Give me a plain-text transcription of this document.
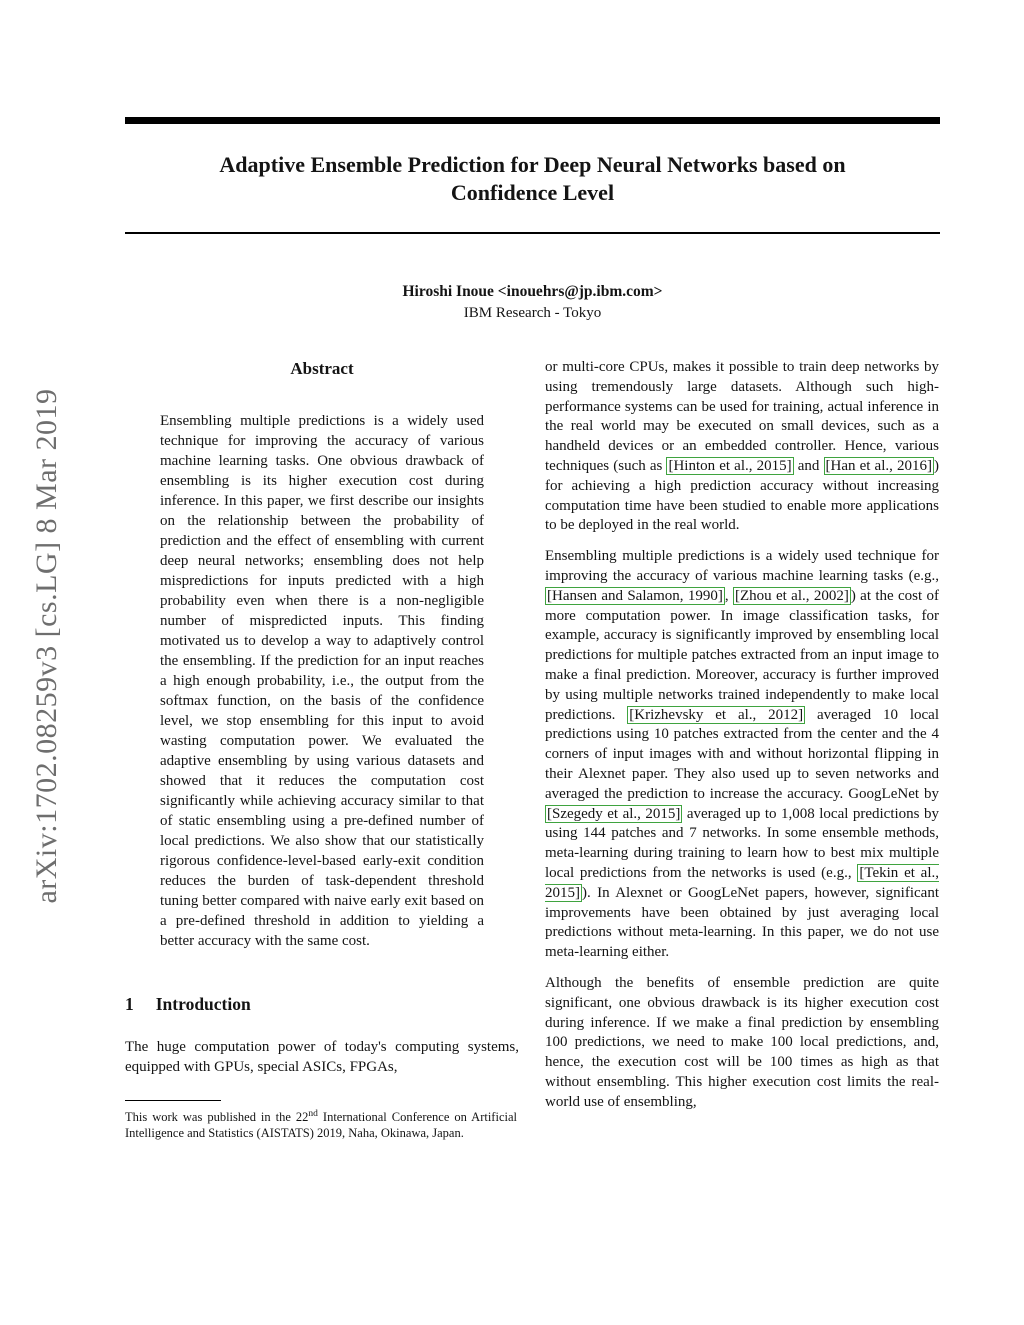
arXiv:1702.08259v3 [cs.LG] 8 Mar 2019
Adaptive Ensemble Prediction for Deep Neural Networks based on Confidence Level
Hiroshi Inoue <inouehrs@jp.ibm.com>
IBM Research - Tokyo
Abstract
Ensembling multiple predictions is a widely used technique for improving the accuracy of various machine learning tasks. One obvious drawback of ensembling is its higher execution cost during inference. In this paper, we first describe our insights on the relationship between the probability of prediction and the effect of ensembling with current deep neural networks; ensembling does not help mispredictions for inputs predicted with a high probability even when there is a non-negligible number of mispredicted inputs. This finding motivated us to develop a way to adaptively control the ensembling. If the prediction for an input reaches a high enough probability, i.e., the output from the softmax function, on the basis of the confidence level, we stop ensembling for this input to avoid wasting computation power. We evaluated the adaptive ensembling by using various datasets and showed that it reduces the computation cost significantly while achieving accuracy similar to that of static ensembling using a pre-defined number of local predictions. We also show that our statistically rigorous confidence-level-based early-exit condition reduces the burden of task-dependent threshold tuning better compared with naive early exit based on a pre-defined threshold in addition to yielding a better accuracy with the same cost.
1 Introduction
The huge computation power of today's computing systems, equipped with GPUs, special ASICs, FPGAs,
This work was published in the 22nd International Conference on Artificial Intelligence and Statistics (AISTATS) 2019, Naha, Okinawa, Japan.
or multi-core CPUs, makes it possible to train deep networks by using tremendously large datasets. Although such high-performance systems can be used for training, actual inference in the real world may be executed on small devices, such as a handheld devices or an embedded controller. Hence, various techniques (such as [Hinton et al., 2015] and [Han et al., 2016] ) for achieving a high prediction accuracy without increasing computation time have been studied to enable more applications to be deployed in the real world.
Ensembling multiple predictions is a widely used technique for improving the accuracy of various machine learning tasks (e.g., [Hansen and Salamon, 1990] , [Zhou et al., 2002] ) at the cost of more computation power. In image classification tasks, for example, accuracy is significantly improved by ensembling local predictions for multiple patches extracted from an input image to make a final prediction. Moreover, accuracy is further improved by using multiple networks trained independently to make local predictions. [Krizhevsky et al., 2012] averaged 10 local predictions using 10 patches extracted from the center and the 4 corners of input images with and without horizontal flipping in their Alexnet paper. They also used up to seven networks and averaged the prediction to increase the accuracy. GoogLeNet by [Szegedy et al., 2015] averaged up to 1,008 local predictions by using 144 patches and 7 networks. In some ensemble methods, meta-learning during training to learn how to best mix multiple local predictions from the networks is used (e.g., [Tekin et al., 2015] ). In Alexnet or GoogLeNet papers, however, significant improvements have been obtained by just averaging local predictions without meta-learning. In this paper, we do not use meta-learning either.
Although the benefits of ensemble prediction are quite significant, one obvious drawback is its higher execution cost during inference. If we make a final prediction by ensembling 100 predictions, we need to make 100 local predictions, and, hence, the execution cost will be 100 times as high as that without ensembling. This higher execution cost limits the real-world use of ensembling,
